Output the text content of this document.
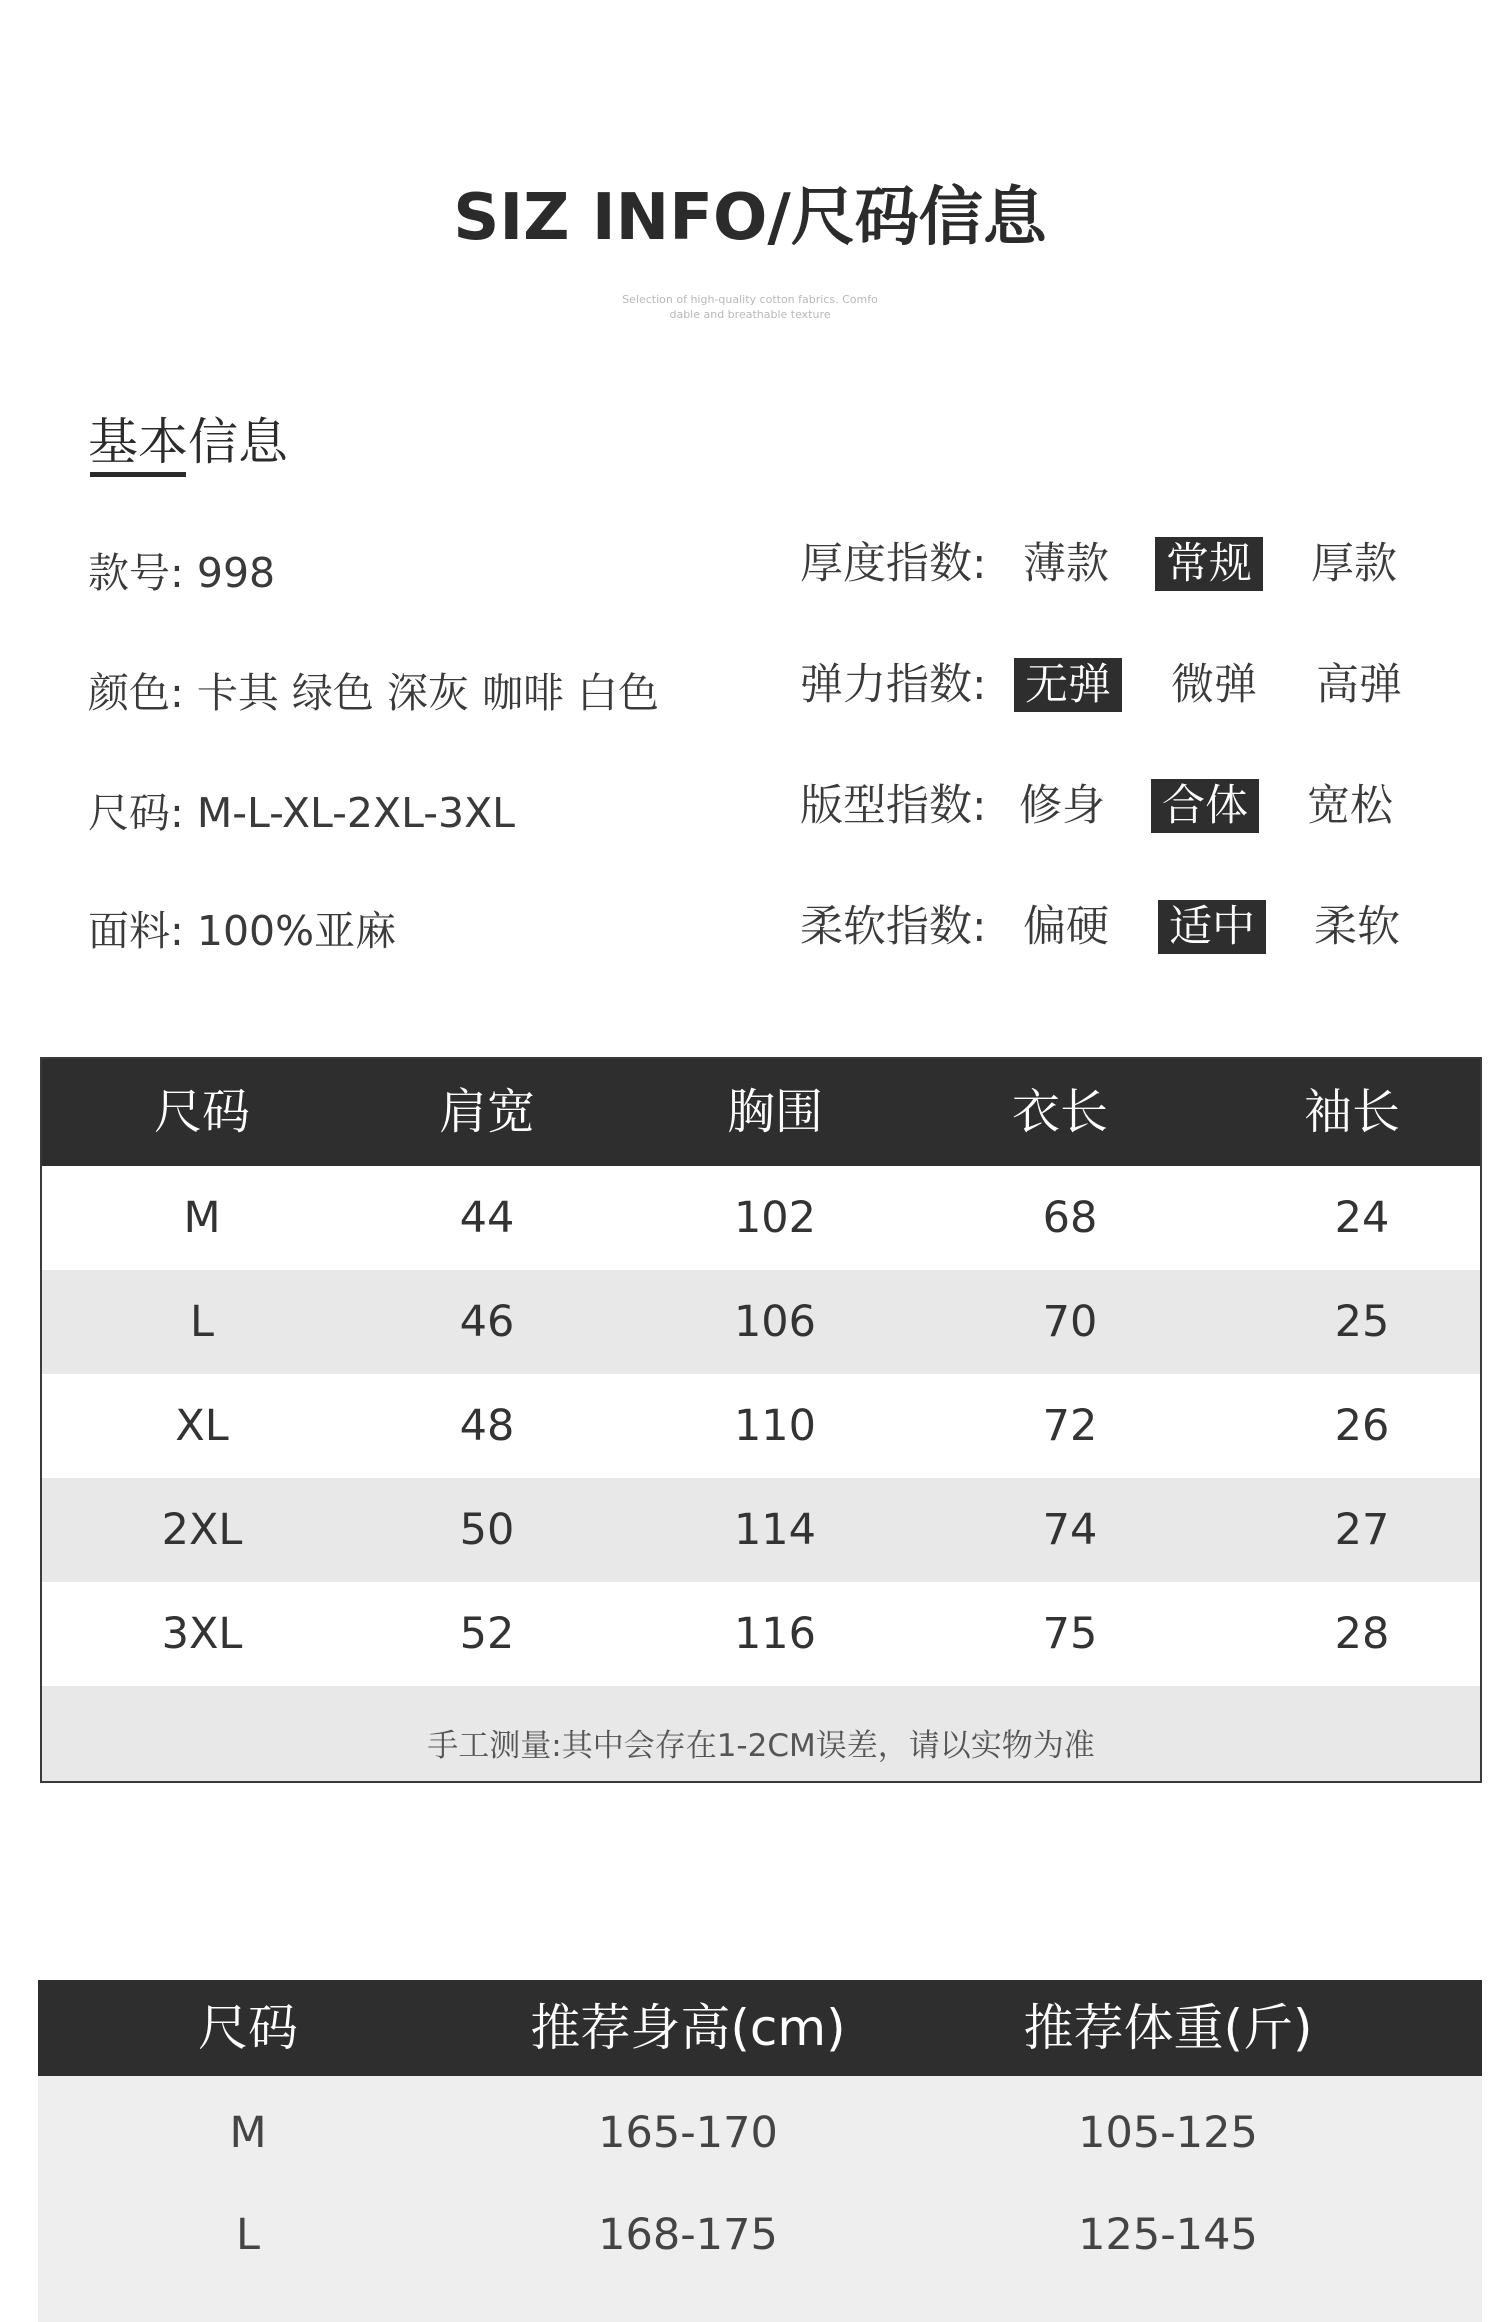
SIZ INFO/尺码信息
Selection of high-quality cotton fabrics. Comfo
dable and breathable texture
基本信息
款号: 998
颜色: 卡其 绿色 深灰 咖啡 白色
尺码: M-L-XL-2XL-3XL
面料: 100%亚麻
厚度指数: 薄款 常规 厚款
弹力指数: 无弹 微弹 高弹
版型指数: 修身 合体 宽松
柔软指数: 偏硬 适中 柔软
尺码	肩宽	胸围	衣长	袖长
M	44	102	68	24
L	46	106	70	25
XL	48	110	72	26
2XL	50	114	74	27
3XL	52	116	75	28
手工测量:其中会存在1-2CM误差，请以实物为准
尺码	推荐身高(cm)	推荐体重(斤)
M	165-170	105-125
L	168-175	125-145
